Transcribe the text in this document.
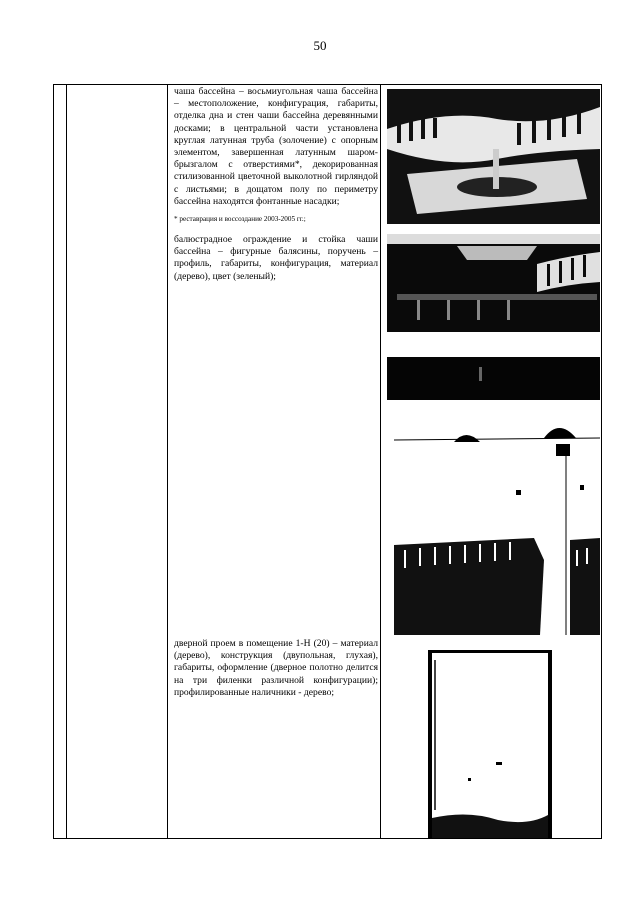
50

чаша бассейна – восьмиугольная чаша бассейна – местоположение, конфигурация, габариты, отделка дна и стен чаши бассейна деревянными досками; в центральной части установлена круглая латунная труба (золочение) с опорным элементом, завершенная латунным шаром-брызгалом с отверстиями*, декорированная стилизованной цветочной выколотной гирляндой с листьями; в дощатом полу по периметру бассейна находятся фонтанные насадки;

* реставрация и воссоздание 2003-2005 гг.;

балюстрадное ограждение и стойка чаши бассейна – фигурные балясины, поручень – профиль, габариты, конфигурация, материал (дерево), цвет (зеленый);

дверной проем в помещение 1-Н (20) – материал (дерево), конструкция (двупольная, глухая), габариты, оформление (дверное полотно делится на три филенки различной конфигурации); профилированные наличники - дерево;
